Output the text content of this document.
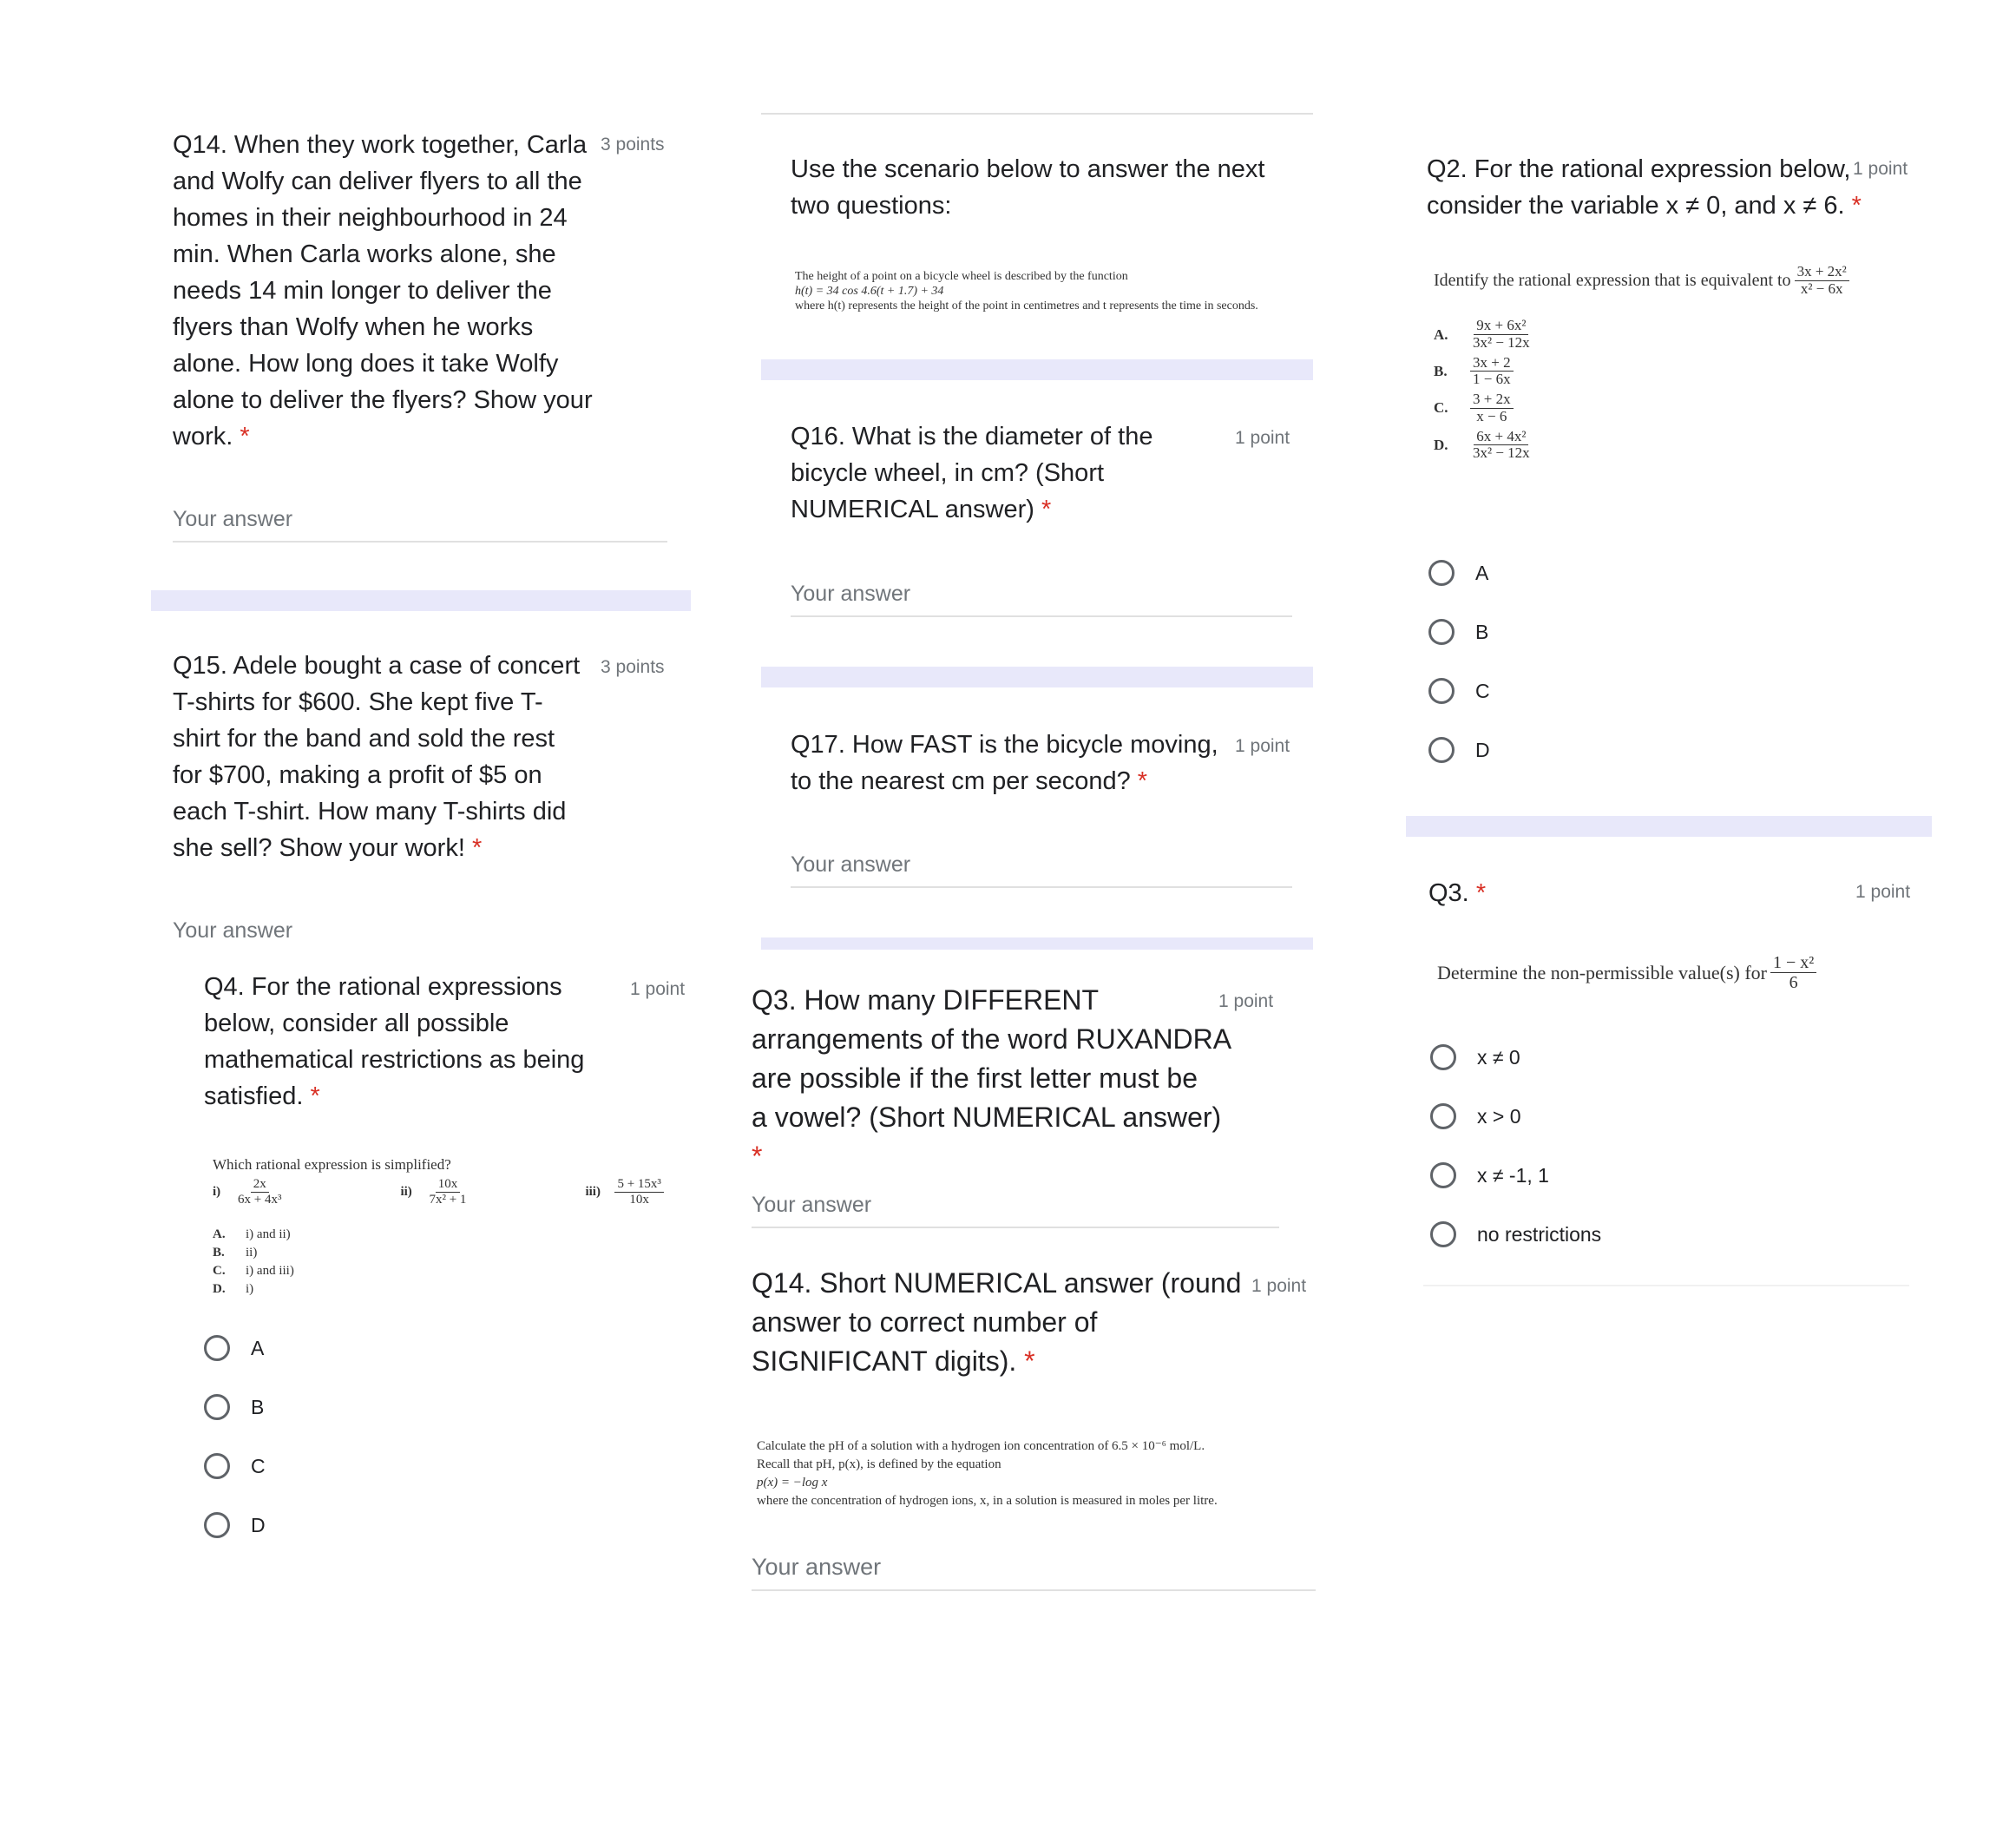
Q14. When they work together, Carla
and Wolfy can deliver flyers to all the
homes in their neighbourhood in 24
min. When Carla works alone, she
needs 14 min longer to deliver the
flyers than Wolfy when he works
alone. How long does it take Wolfy
alone to deliver the flyers? Show your
work. *
3 points
Your answer
Q15. Adele bought a case of concert
T-shirts for $600. She kept five T-
shirt for the band and sold the rest
for $700, making a profit of $5 on
each T-shirt. How many T-shirts did
she sell? Show your work! *
3 points
Your answer
Q4. For the rational expressions
below, consider all possible
mathematical restrictions as being
satisfied. *
1 point
Which rational expression is simplified?
i)	$\frac{2x}{\text{6x + 4x³}}$	ii)	$\frac{10x}{\text{7x² + 1}}$	iii)	$\frac{\text{5 + 15x³}}{10x}$
A.	i) and ii)
B.	ii)
C.	i) and iii)
D.	i)
A
B
C
D
Use the scenario below to answer the next
two questions:
The height of a point on a bicycle wheel is described by the function
h(t) = 34 cos 4.6(t + 1.7) + 34
where h(t) represents the height of the point in centimetres and t represents the time in seconds.
Q16. What is the diameter of the
bicycle wheel, in cm? (Short
NUMERICAL answer) *
1 point
Your answer
Q17. How FAST is the bicycle moving,
to the nearest cm per second? *
1 point
Your answer
Q3. How many DIFFERENT
arrangements of the word RUXANDRA
are possible if the first letter must be
a vowel? (Short NUMERICAL answer) *
1 point
Your answer
Q14. Short NUMERICAL answer (round
answer to correct number of
SIGNIFICANT digits). *
1 point
Calculate the pH of a solution with a hydrogen ion concentration of 6.5 × 10⁻⁶ mol/L.
Recall that pH, p(x), is defined by the equation
p(x) = −log x
where the concentration of hydrogen ions, x, in a solution is measured in moles per litre.
Your answer
Q2. For the rational expression below,
consider the variable x ≠ 0, and x ≠ 6. *
1 point
Identify the rational expression that is equivalent to $\frac{\text{3x + 2x²}}{\text{x² − 6x}}$
A.	$\frac{\text{9x + 6x²}}{\text{3x² − 12x}}$
B.	$\frac{3x + 2}{1 - 6x}$
C.	$\frac{3 + 2x}{x - 6}$
D.	$\frac{\text{6x + 4x²}}{\text{3x² − 12x}}$
A
B
C
D
Q3. *	1 point
Determine the non-permissible value(s) for $\frac{\text{1 − x²}}{6}$
x ≠ 0
x > 0
x ≠ -1, 1
no restrictions
